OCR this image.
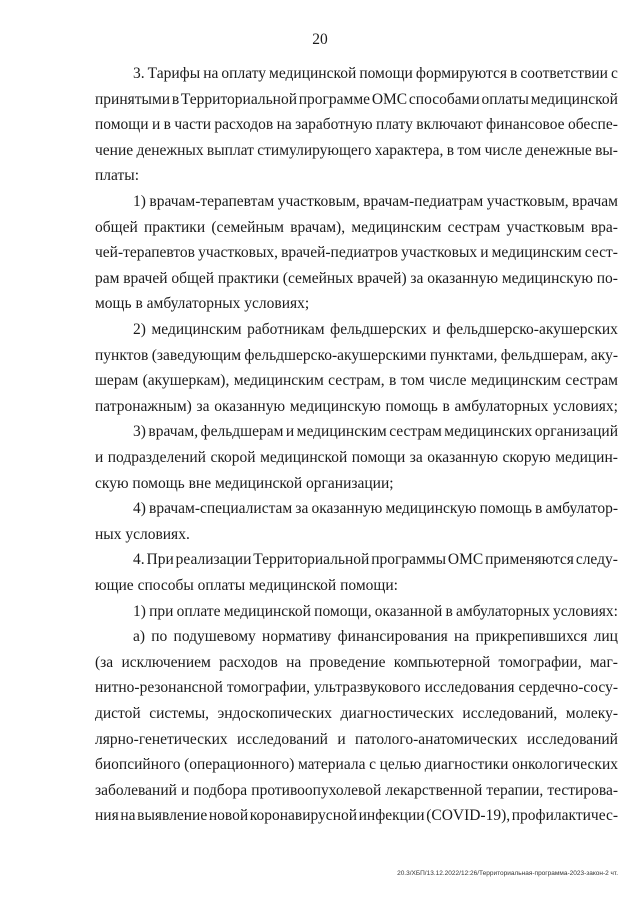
20
3. Тарифы на оплату медицинской помощи формируются в соответствии с
принятыми в Территориальной программе ОМС способами оплаты медицинской
помощи и в части расходов на заработную плату включают финансовое обеспе-
чение денежных выплат стимулирующего характера, в том числе денежные вы-
платы:
1) врачам-терапевтам участковым, врачам-педиатрам участковым, врачам
общей практики (семейным врачам), медицинским сестрам участковым вра-
чей-терапевтов участковых, врачей-педиатров участковых и медицинским сест-
рам врачей общей практики (семейных врачей) за оказанную медицинскую по-
мощь в амбулаторных условиях;
2) медицинским работникам фельдшерских и фельдшерско-акушерских
пунктов (заведующим фельдшерско-акушерскими пунктами, фельдшерам, аку-
шерам (акушеркам), медицинским сестрам, в том числе медицинским сестрам
патронажным) за оказанную медицинскую помощь в амбулаторных условиях;
3) врачам, фельдшерам и медицинским сестрам медицинских организаций
и подразделений скорой медицинской помощи за оказанную скорую медицин-
скую помощь вне медицинской организации;
4) врачам-специалистам за оказанную медицинскую помощь в амбулатор-
ных условиях.
4. При реализации Территориальной программы ОМС применяются следу-
ющие способы оплаты медицинской помощи:
1) при оплате медицинской помощи, оказанной в амбулаторных условиях:
а) по подушевому нормативу финансирования на прикрепившихся лиц
(за исключением расходов на проведение компьютерной томографии, маг-
нитно-резонансной томографии, ультразвукового исследования сердечно-сосу-
дистой системы, эндоскопических диагностических исследований, молеку-
лярно-генетических исследований и патолого-анатомических исследований
биопсийного (операционного) материала с целью диагностики онкологических
заболеваний и подбора противоопухолевой лекарственной терапии, тестирова-
ния на выявление новой коронавирусной инфекции (COVID-19), профилактичес-
20.3/ХБП/13.12.2022/12:26/Территориальная-программа-2023-закон-2 чт.
